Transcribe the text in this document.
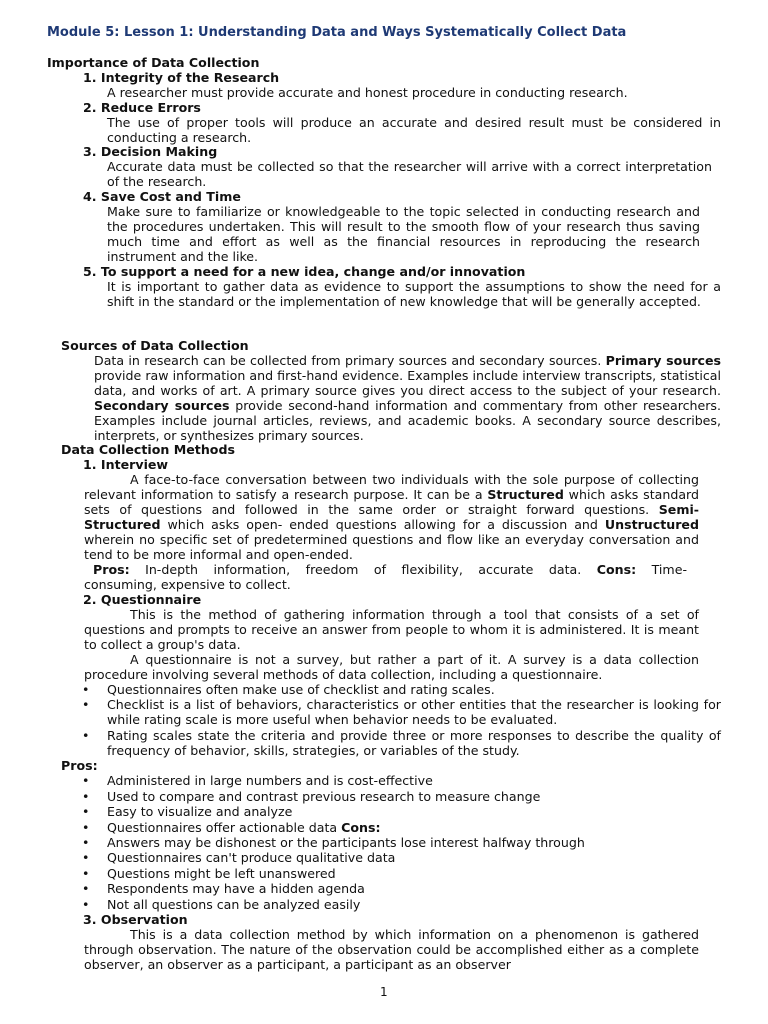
Module 5: Lesson 1: Understanding Data and Ways Systematically Collect Data
Importance of Data Collection
1. Integrity of the Research
A researcher must provide accurate and honest procedure in conducting research.
2. Reduce Errors
The use of proper tools will produce an accurate and desired result must be considered in conducting a research.
3. Decision Making
Accurate data must be collected so that the researcher will arrive with a correct interpretation of the research.
4. Save Cost and Time
Make sure to familiarize or knowledgeable to the topic selected in conducting research and the procedures undertaken. This will result to the smooth flow of your research thus saving much time and effort as well as the financial resources in reproducing the research instrument and the like.
5. To support a need for a new idea, change and/or innovation
It is important to gather data as evidence to support the assumptions to show the need for a shift in the standard or the implementation of new knowledge that will be generally accepted.
Sources of Data Collection
Data in research can be collected from primary sources and secondary sources. Primary sources provide raw information and first-hand evidence. Examples include interview transcripts, statistical data, and works of art. A primary source gives you direct access to the subject of your research. Secondary sources provide second-hand information and commentary from other researchers. Examples include journal articles, reviews, and academic books. A secondary source describes, interprets, or synthesizes primary sources.
Data Collection Methods
1. Interview
A face-to-face conversation between two individuals with the sole purpose of collecting relevant information to satisfy a research purpose. It can be a Structured which asks standard sets of questions and followed in the same order or straight forward questions. Semi-Structured which asks open- ended questions allowing for a discussion and Unstructured wherein no specific set of predetermined questions and flow like an everyday conversation and tend to be more informal and open-ended.
Pros: In-depth information, freedom of flexibility, accurate data. Cons: Time-
consuming, expensive to collect.
2. Questionnaire
This is the method of gathering information through a tool that consists of a set of questions and prompts to receive an answer from people to whom it is administered. It is meant to collect a group's data.
A questionnaire is not a survey, but rather a part of it. A survey is a data collection procedure involving several methods of data collection, including a questionnaire.
• Questionnaires often make use of checklist and rating scales.
• Checklist is a list of behaviors, characteristics or other entities that the researcher is looking for while rating scale is more useful when behavior needs to be evaluated.
• Rating scales state the criteria and provide three or more responses to describe the quality of frequency of behavior, skills, strategies, or variables of the study.
Pros:
• Administered in large numbers and is cost-effective
• Used to compare and contrast previous research to measure change
• Easy to visualize and analyze
• Questionnaires offer actionable data Cons:
• Answers may be dishonest or the participants lose interest halfway through
• Questionnaires can't produce qualitative data
• Questions might be left unanswered
• Respondents may have a hidden agenda
• Not all questions can be analyzed easily
3. Observation
This is a data collection method by which information on a phenomenon is gathered through observation. The nature of the observation could be accomplished either as a complete observer, an observer as a participant, a participant as an observer
1
